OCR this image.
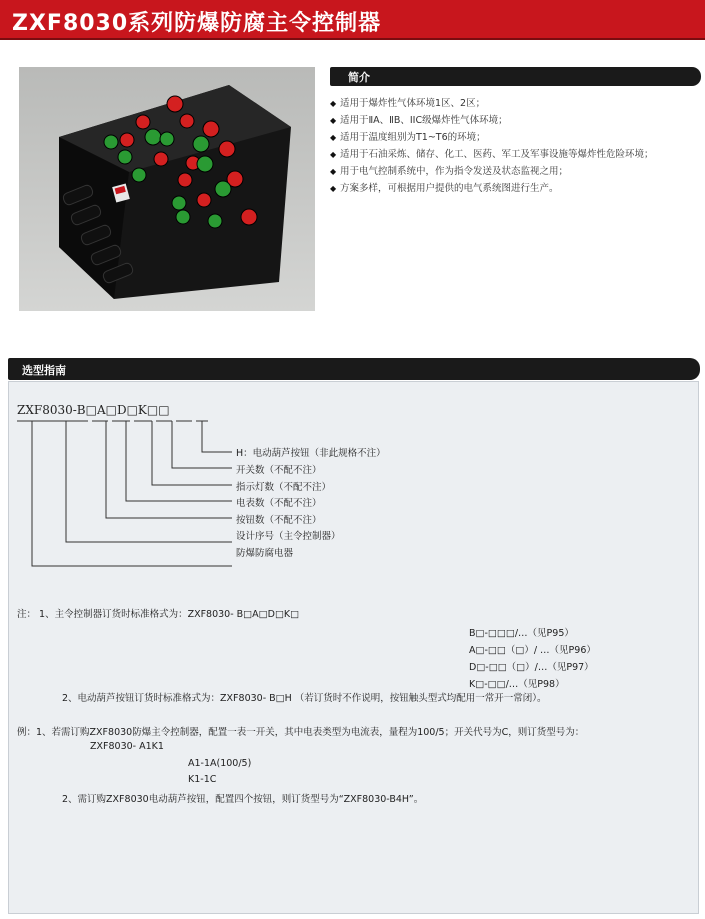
ZXF8030系列防爆防腐主令控制器
简介
◆ 适用于爆炸性气体环境1区、2区；
◆ 适用于ⅡA、ⅡB、IIC级爆炸性气体环境；
◆ 适用于温度组别为T1~T6的环境；
◆ 适用于石油采炼、储存、化工、医药、军工及军事设施等爆炸性危险环境；
◆ 用于电气控制系统中，作为指令发送及状态监视之用；
◆ 方案多样，可根据用户提供的电气系统图进行生产。
选型指南
ZXF8030-B□A□D□K□□
H：电动葫芦按钮（非此规格不注）
开关数（不配不注）
指示灯数（不配不注）
电表数（不配不注）
按钮数（不配不注）
设计序号（主令控制器）
防爆防腐电器
注： 1、主令控制器订货时标准格式为：ZXF8030- B□A□D□K□
B□-□□□/…（见P95）
A□-□□（□）/ …（见P96）
D□-□□（□）/…（见P97）
K□-□□/…（见P98）
2、电动葫芦按钮订货时标准格式为：ZXF8030- B□H （若订货时不作说明，按钮触头型式均配用一常开一常闭）。
例：1、若需订购ZXF8030防爆主令控制器，配置一表一开关，其中电表类型为电流表，量程为100/5；开关代号为C，则订货型号为：
ZXF8030- A1K1
A1-1A(100/5)
K1-1C
2、需订购ZXF8030电动葫芦按钮，配置四个按钮，则订货型号为“ZXF8030-B4H”。
